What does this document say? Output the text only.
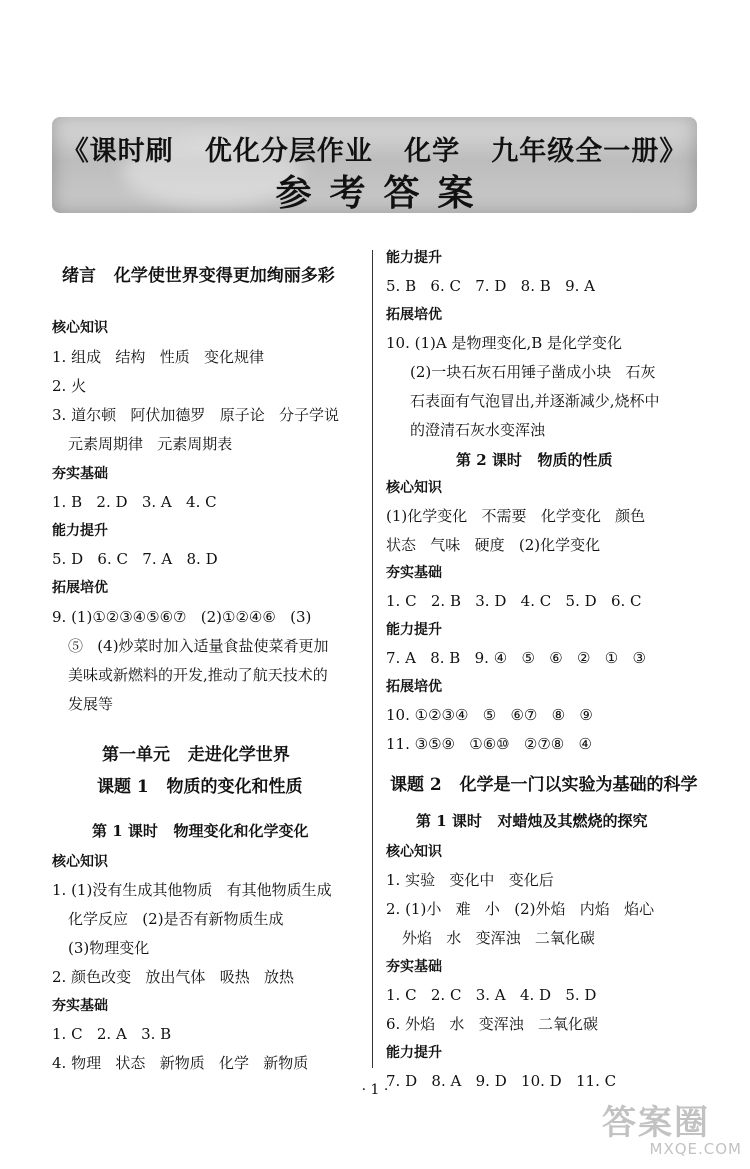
《课时刷   优化分层作业   化学   九年级全一册》
参考答案
绪言   化学使世界变得更加绚丽多彩
核心知识
1. 组成   结构   性质   变化规律
2. 火
3. 道尔顿   阿伏加德罗   原子论   分子学说
元素周期律   元素周期表
夯实基础
1. B   2. D   3. A   4. C
能力提升
5. D   6. C   7. A   8. D
拓展培优
9. (1)①②③④⑤⑥⑦   (2)①②④⑥   (3)
⑤   (4)炒菜时加入适量食盐使菜肴更加
美味或新燃料的开发,推动了航天技术的
发展等
第一单元   走进化学世界
课题 1   物质的变化和性质
第 1 课时   物理变化和化学变化
核心知识
1. (1)没有生成其他物质   有其他物质生成
化学反应   (2)是否有新物质生成
(3)物理变化
2. 颜色改变   放出气体   吸热   放热
夯实基础
1. C   2. A   3. B
4. 物理   状态   新物质   化学   新物质
能力提升
5. B   6. C   7. D   8. B   9. A
拓展培优
10. (1)A 是物理变化,B 是化学变化
(2)一块石灰石用锤子凿成小块   石灰
石表面有气泡冒出,并逐渐减少,烧杯中
的澄清石灰水变浑浊
第 2 课时   物质的性质
核心知识
(1)化学变化   不需要   化学变化   颜色
状态   气味   硬度   (2)化学变化
夯实基础
1. C   2. B   3. D   4. C   5. D   6. C
能力提升
7. A   8. B   9. ④   ⑤   ⑥   ②   ①   ③
拓展培优
10. ①②③④   ⑤   ⑥⑦   ⑧   ⑨
11. ③⑤⑨   ①⑥⑩   ②⑦⑧   ④
课题 2   化学是一门以实验为基础的科学
第 1 课时   对蜡烛及其燃烧的探究
核心知识
1. 实验   变化中   变化后
2. (1)小   难   小   (2)外焰   内焰   焰心
外焰   水   变浑浊   二氧化碳
夯实基础
1. C   2. C   3. A   4. D   5. D
6. 外焰   水   变浑浊   二氧化碳
能力提升
7. D   8. A   9. D   10. D   11. C
· 1 ·
答案圈
MXQE.COM
